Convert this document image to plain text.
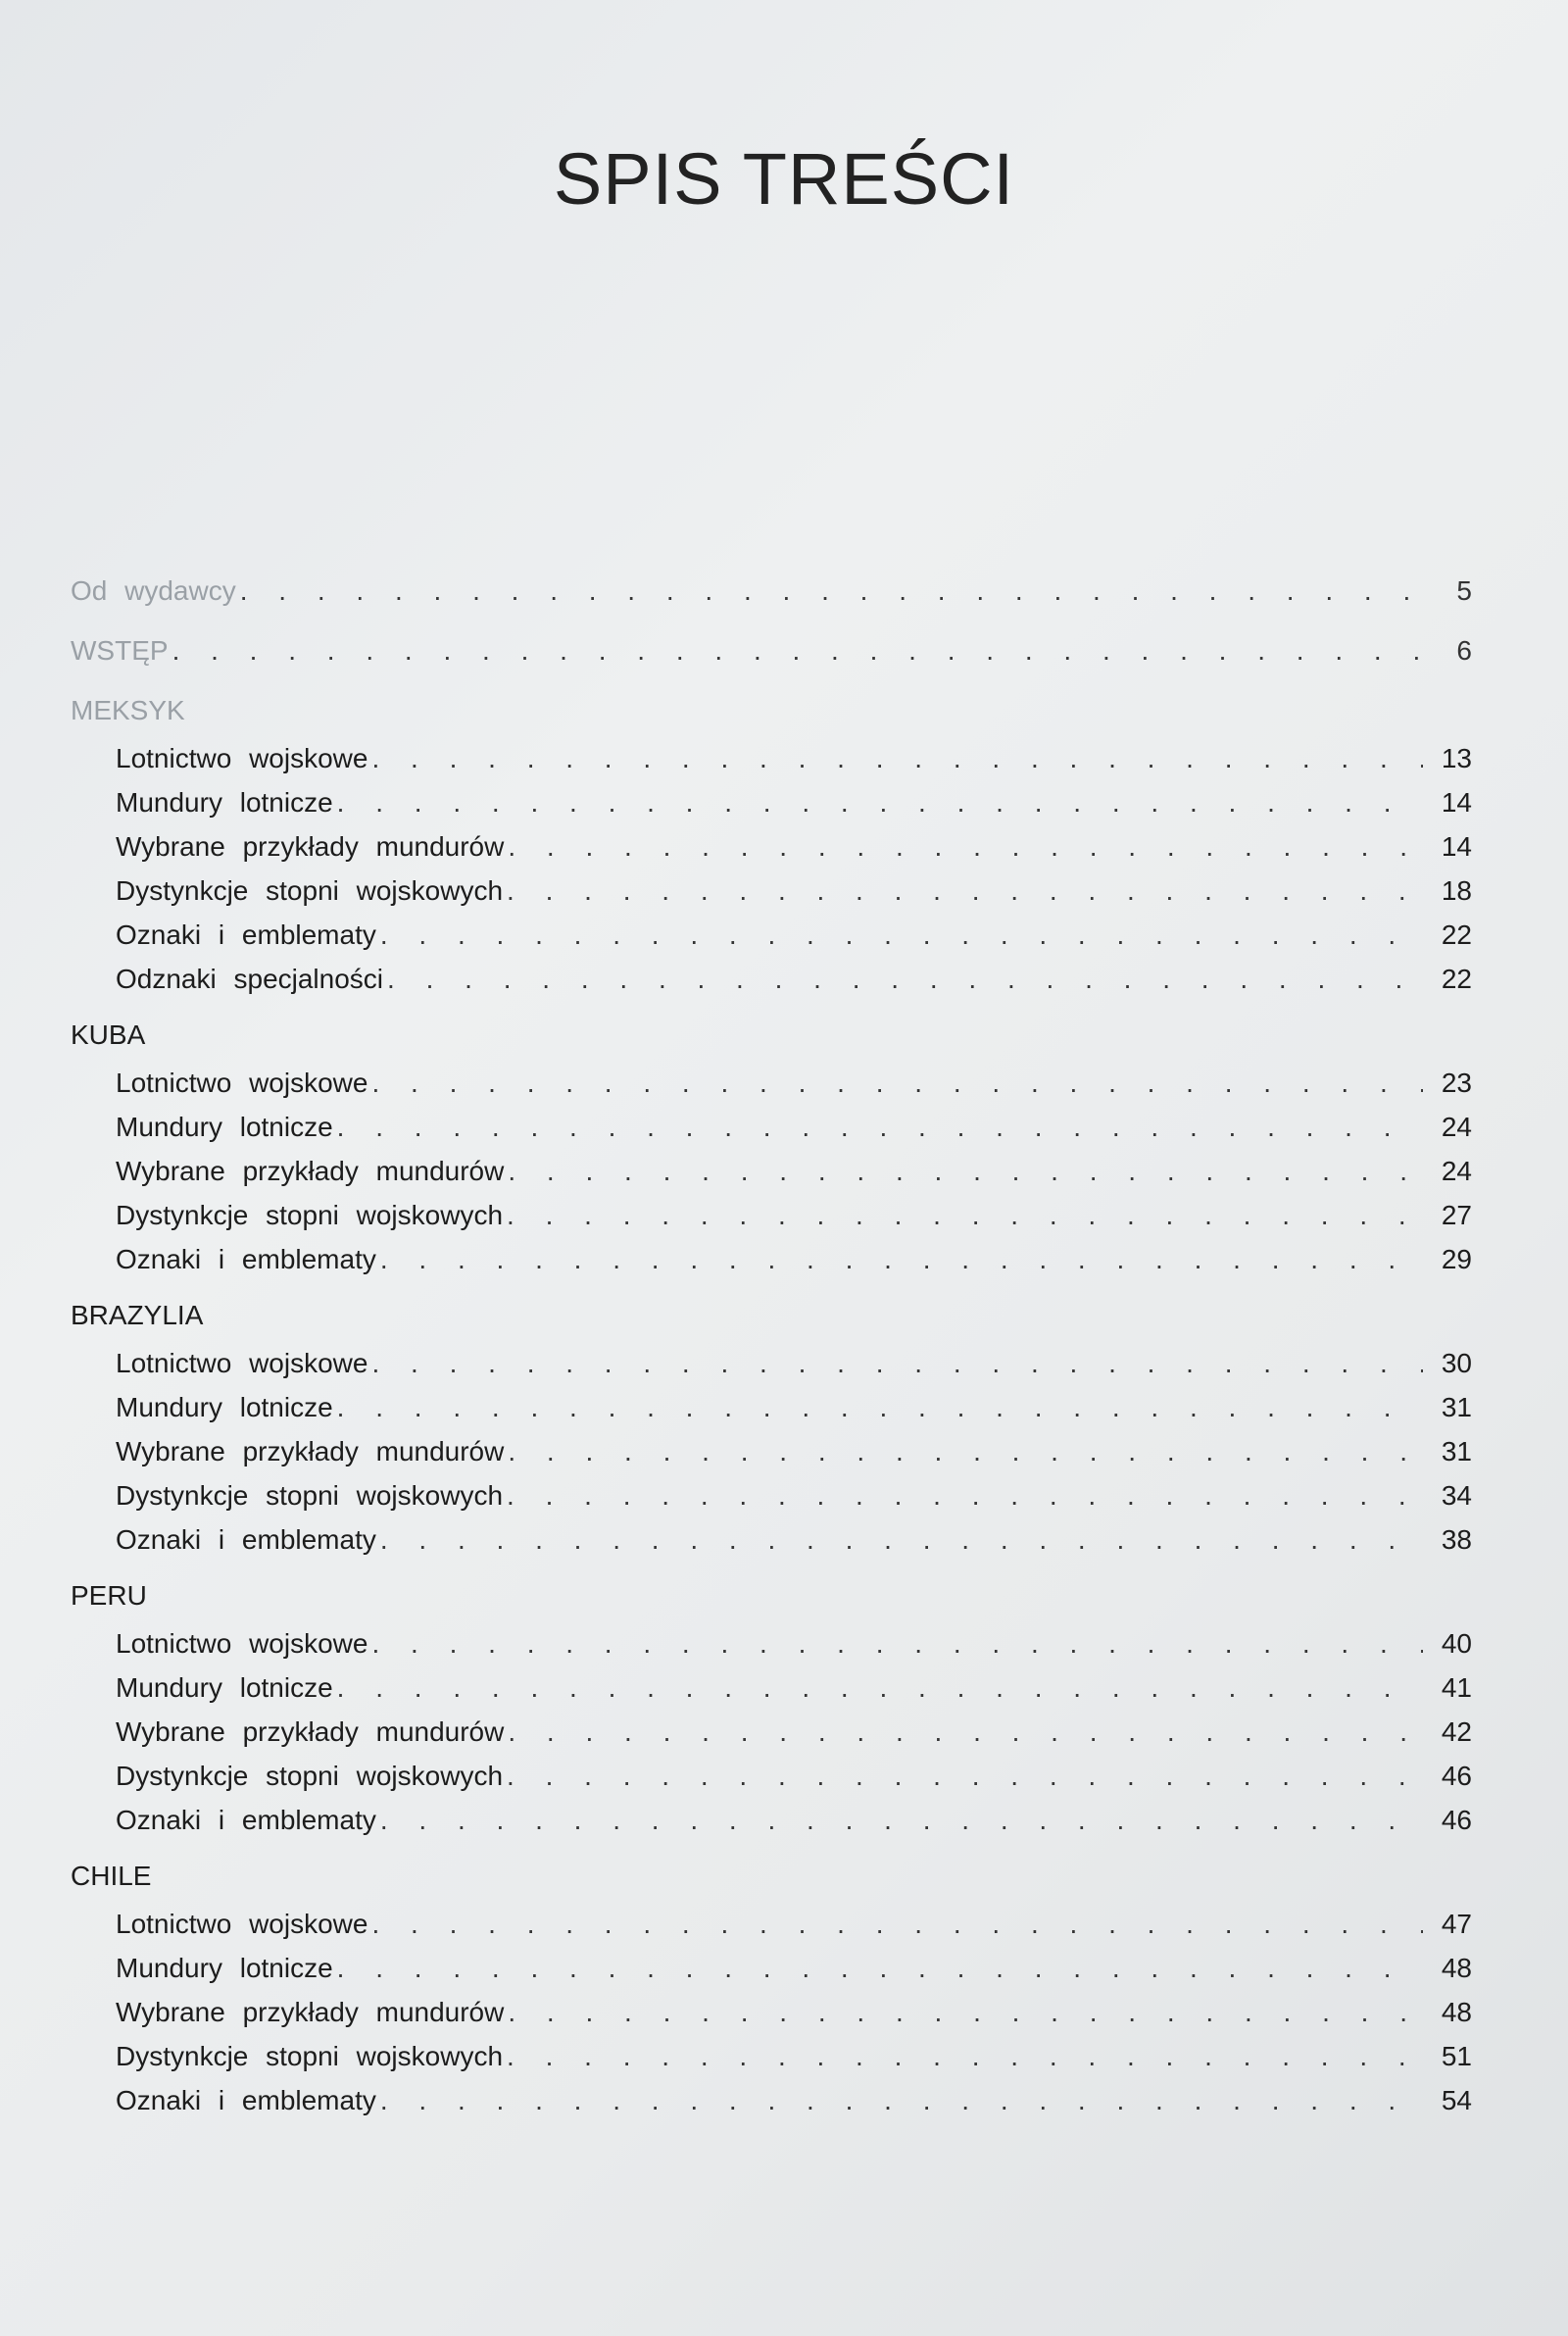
SPIS TREŚCI
Od wydawcy . . .	5
WSTĘP . . .	6
MEKSYK
Lotnictwo wojskowe . . .	13
Mundury lotnicze . . .	14
Wybrane przykłady mundurów . . .	14
Dystynkcje stopni wojskowych . . .	18
Oznaki i emblematy . . .	22
Odznaki specjalności . . .	22
KUBA
Lotnictwo wojskowe . . .	23
Mundury lotnicze . . .	24
Wybrane przykłady mundurów . . .	24
Dystynkcje stopni wojskowych . . .	27
Oznaki i emblematy . . .	29
BRAZYLIA
Lotnictwo wojskowe . . .	30
Mundury lotnicze . . .	31
Wybrane przykłady mundurów . . .	31
Dystynkcje stopni wojskowych . . .	34
Oznaki i emblematy . . .	38
PERU
Lotnictwo wojskowe . . .	40
Mundury lotnicze . . .	41
Wybrane przykłady mundurów . . .	42
Dystynkcje stopni wojskowych . . .	46
Oznaki i emblematy . . .	46
CHILE
Lotnictwo wojskowe . . .	47
Mundury lotnicze . . .	48
Wybrane przykłady mundurów . . .	48
Dystynkcje stopni wojskowych . . .	51
Oznaki i emblematy . . .	54
